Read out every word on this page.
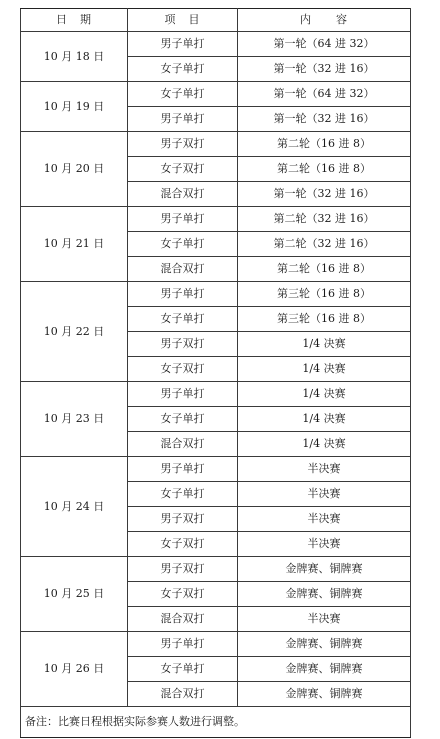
日　期	项　目	内　　容
10 月 18 日	男子单打	第一轮（64 进 32）
	女子单打	第一轮（32 进 16）
10 月 19 日	女子单打	第一轮（64 进 32）
	男子单打	第一轮（32 进 16）
10 月 20 日	男子双打	第二轮（16 进 8）
	女子双打	第二轮（16 进 8）
	混合双打	第一轮（32 进 16）
10 月 21 日	男子单打	第二轮（32 进 16）
	女子单打	第二轮（32 进 16）
	混合双打	第二轮（16 进 8）
10 月 22 日	男子单打	第三轮（16 进 8）
	女子单打	第三轮（16 进 8）
	男子双打	1/4 决赛
	女子双打	1/4 决赛
10 月 23 日	男子单打	1/4 决赛
	女子单打	1/4 决赛
	混合双打	1/4 决赛
10 月 24 日	男子单打	半决赛
	女子单打	半决赛
	男子双打	半决赛
	女子双打	半决赛
10 月 25 日	男子双打	金牌赛、铜牌赛
	女子双打	金牌赛、铜牌赛
	混合双打	半决赛
10 月 26 日	男子单打	金牌赛、铜牌赛
	女子单打	金牌赛、铜牌赛
	混合双打	金牌赛、铜牌赛
备注：比赛日程根据实际参赛人数进行调整。		
